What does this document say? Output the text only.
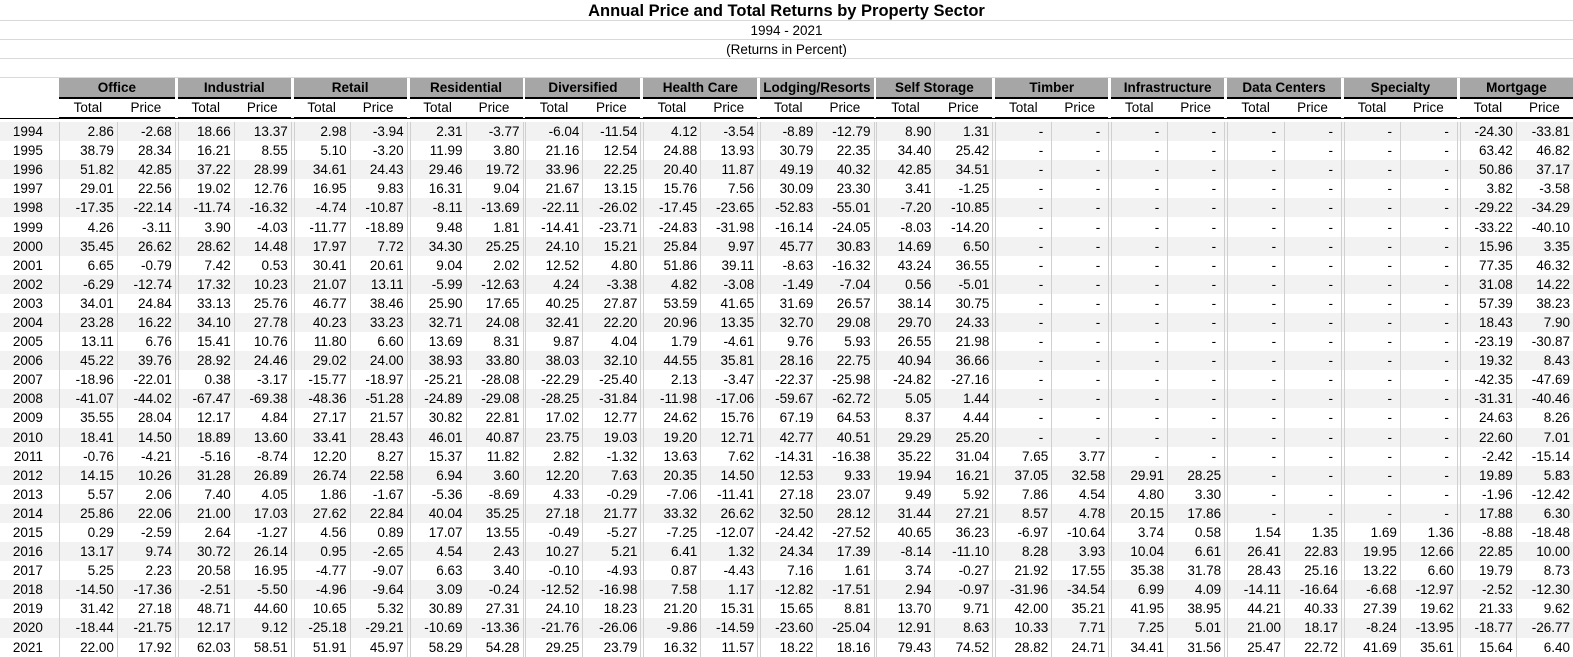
Annual Price and Total Returns by Property Sector
1994 - 2021
(Returns in Percent)
	Office			Industrial			Retail			Residential			Diversified			Health Care			Lodging/Resorts			Self Storage			Timber			Infrastructure			Data Centers			Specialty			Mortgage	
	Total	Price		Total	Price		Total	Price		Total	Price		Total	Price		Total	Price		Total	Price		Total	Price		Total	Price		Total	Price		Total	Price		Total	Price		Total	Price

1994	2.86	-2.68		18.66	13.37		2.98	-3.94		2.31	-3.77		-6.04	-11.54		4.12	-3.54		-8.89	-12.79		8.90	1.31		-	-		-	-		-	-		-	-		-24.30	-33.81
1995	38.79	28.34		16.21	8.55		5.10	-3.20		11.99	3.80		21.16	12.54		24.88	13.93		30.79	22.35		34.40	25.42		-	-		-	-		-	-		-	-		63.42	46.82
1996	51.82	42.85		37.22	28.99		34.61	24.43		29.46	19.72		33.96	22.25		20.40	11.87		49.19	40.32		42.85	34.51		-	-		-	-		-	-		-	-		50.86	37.17
1997	29.01	22.56		19.02	12.76		16.95	9.83		16.31	9.04		21.67	13.15		15.76	7.56		30.09	23.30		3.41	-1.25		-	-		-	-		-	-		-	-		3.82	-3.58
1998	-17.35	-22.14		-11.74	-16.32		-4.74	-10.87		-8.11	-13.69		-22.11	-26.02		-17.45	-23.65		-52.83	-55.01		-7.20	-10.85		-	-		-	-		-	-		-	-		-29.22	-34.29
1999	4.26	-3.11		3.90	-4.03		-11.77	-18.89		9.48	1.81		-14.41	-23.71		-24.83	-31.98		-16.14	-24.05		-8.03	-14.20		-	-		-	-		-	-		-	-		-33.22	-40.10
2000	35.45	26.62		28.62	14.48		17.97	7.72		34.30	25.25		24.10	15.21		25.84	9.97		45.77	30.83		14.69	6.50		-	-		-	-		-	-		-	-		15.96	3.35
2001	6.65	-0.79		7.42	0.53		30.41	20.61		9.04	2.02		12.52	4.80		51.86	39.11		-8.63	-16.32		43.24	36.55		-	-		-	-		-	-		-	-		77.35	46.32
2002	-6.29	-12.74		17.32	10.23		21.07	13.11		-5.99	-12.63		4.24	-3.38		4.82	-3.08		-1.49	-7.04		0.56	-5.01		-	-		-	-		-	-		-	-		31.08	14.22
2003	34.01	24.84		33.13	25.76		46.77	38.46		25.90	17.65		40.25	27.87		53.59	41.65		31.69	26.57		38.14	30.75		-	-		-	-		-	-		-	-		57.39	38.23
2004	23.28	16.22		34.10	27.78		40.23	33.23		32.71	24.08		32.41	22.20		20.96	13.35		32.70	29.08		29.70	24.33		-	-		-	-		-	-		-	-		18.43	7.90
2005	13.11	6.76		15.41	10.76		11.80	6.60		13.69	8.31		9.87	4.04		1.79	-4.61		9.76	5.93		26.55	21.98		-	-		-	-		-	-		-	-		-23.19	-30.87
2006	45.22	39.76		28.92	24.46		29.02	24.00		38.93	33.80		38.03	32.10		44.55	35.81		28.16	22.75		40.94	36.66		-	-		-	-		-	-		-	-		19.32	8.43
2007	-18.96	-22.01		0.38	-3.17		-15.77	-18.97		-25.21	-28.08		-22.29	-25.40		2.13	-3.47		-22.37	-25.98		-24.82	-27.16		-	-		-	-		-	-		-	-		-42.35	-47.69
2008	-41.07	-44.02		-67.47	-69.38		-48.36	-51.28		-24.89	-29.08		-28.25	-31.84		-11.98	-17.06		-59.67	-62.72		5.05	1.44		-	-		-	-		-	-		-	-		-31.31	-40.46
2009	35.55	28.04		12.17	4.84		27.17	21.57		30.82	22.81		17.02	12.77		24.62	15.76		67.19	64.53		8.37	4.44		-	-		-	-		-	-		-	-		24.63	8.26
2010	18.41	14.50		18.89	13.60		33.41	28.43		46.01	40.87		23.75	19.03		19.20	12.71		42.77	40.51		29.29	25.20		-	-		-	-		-	-		-	-		22.60	7.01
2011	-0.76	-4.21		-5.16	-8.74		12.20	8.27		15.37	11.82		2.82	-1.32		13.63	7.62		-14.31	-16.38		35.22	31.04		7.65	3.77		-	-		-	-		-	-		-2.42	-15.14
2012	14.15	10.26		31.28	26.89		26.74	22.58		6.94	3.60		12.20	7.63		20.35	14.50		12.53	9.33		19.94	16.21		37.05	32.58		29.91	28.25		-	-		-	-		19.89	5.83
2013	5.57	2.06		7.40	4.05		1.86	-1.67		-5.36	-8.69		4.33	-0.29		-7.06	-11.41		27.18	23.07		9.49	5.92		7.86	4.54		4.80	3.30		-	-		-	-		-1.96	-12.42
2014	25.86	22.06		21.00	17.03		27.62	22.84		40.04	35.25		27.18	21.77		33.32	26.62		32.50	28.12		31.44	27.21		8.57	4.78		20.15	17.86		-	-		-	-		17.88	6.30
2015	0.29	-2.59		2.64	-1.27		4.56	0.89		17.07	13.55		-0.49	-5.27		-7.25	-12.07		-24.42	-27.52		40.65	36.23		-6.97	-10.64		3.74	0.58		1.54	1.35		1.69	1.36		-8.88	-18.48
2016	13.17	9.74		30.72	26.14		0.95	-2.65		4.54	2.43		10.27	5.21		6.41	1.32		24.34	17.39		-8.14	-11.10		8.28	3.93		10.04	6.61		26.41	22.83		19.95	12.66		22.85	10.00
2017	5.25	2.23		20.58	16.95		-4.77	-9.07		6.63	3.40		-0.10	-4.93		0.87	-4.43		7.16	1.61		3.74	-0.27		21.92	17.55		35.38	31.78		28.43	25.16		13.22	6.60		19.79	8.73
2018	-14.50	-17.36		-2.51	-5.50		-4.96	-9.64		3.09	-0.24		-12.52	-16.98		7.58	1.17		-12.82	-17.51		2.94	-0.97		-31.96	-34.54		6.99	4.09		-14.11	-16.64		-6.68	-12.97		-2.52	-12.30
2019	31.42	27.18		48.71	44.60		10.65	5.32		30.89	27.31		24.10	18.23		21.20	15.31		15.65	8.81		13.70	9.71		42.00	35.21		41.95	38.95		44.21	40.33		27.39	19.62		21.33	9.62
2020	-18.44	-21.75		12.17	9.12		-25.18	-29.21		-10.69	-13.36		-21.76	-26.06		-9.86	-14.59		-23.60	-25.04		12.91	8.63		10.33	7.71		7.25	5.01		21.00	18.17		-8.24	-13.95		-18.77	-26.77
2021	22.00	17.92		62.03	58.51		51.91	45.97		58.29	54.28		29.25	23.79		16.32	11.57		18.22	18.16		79.43	74.52		28.82	24.71		34.41	31.56		25.47	22.72		41.69	35.61		15.64	6.40
